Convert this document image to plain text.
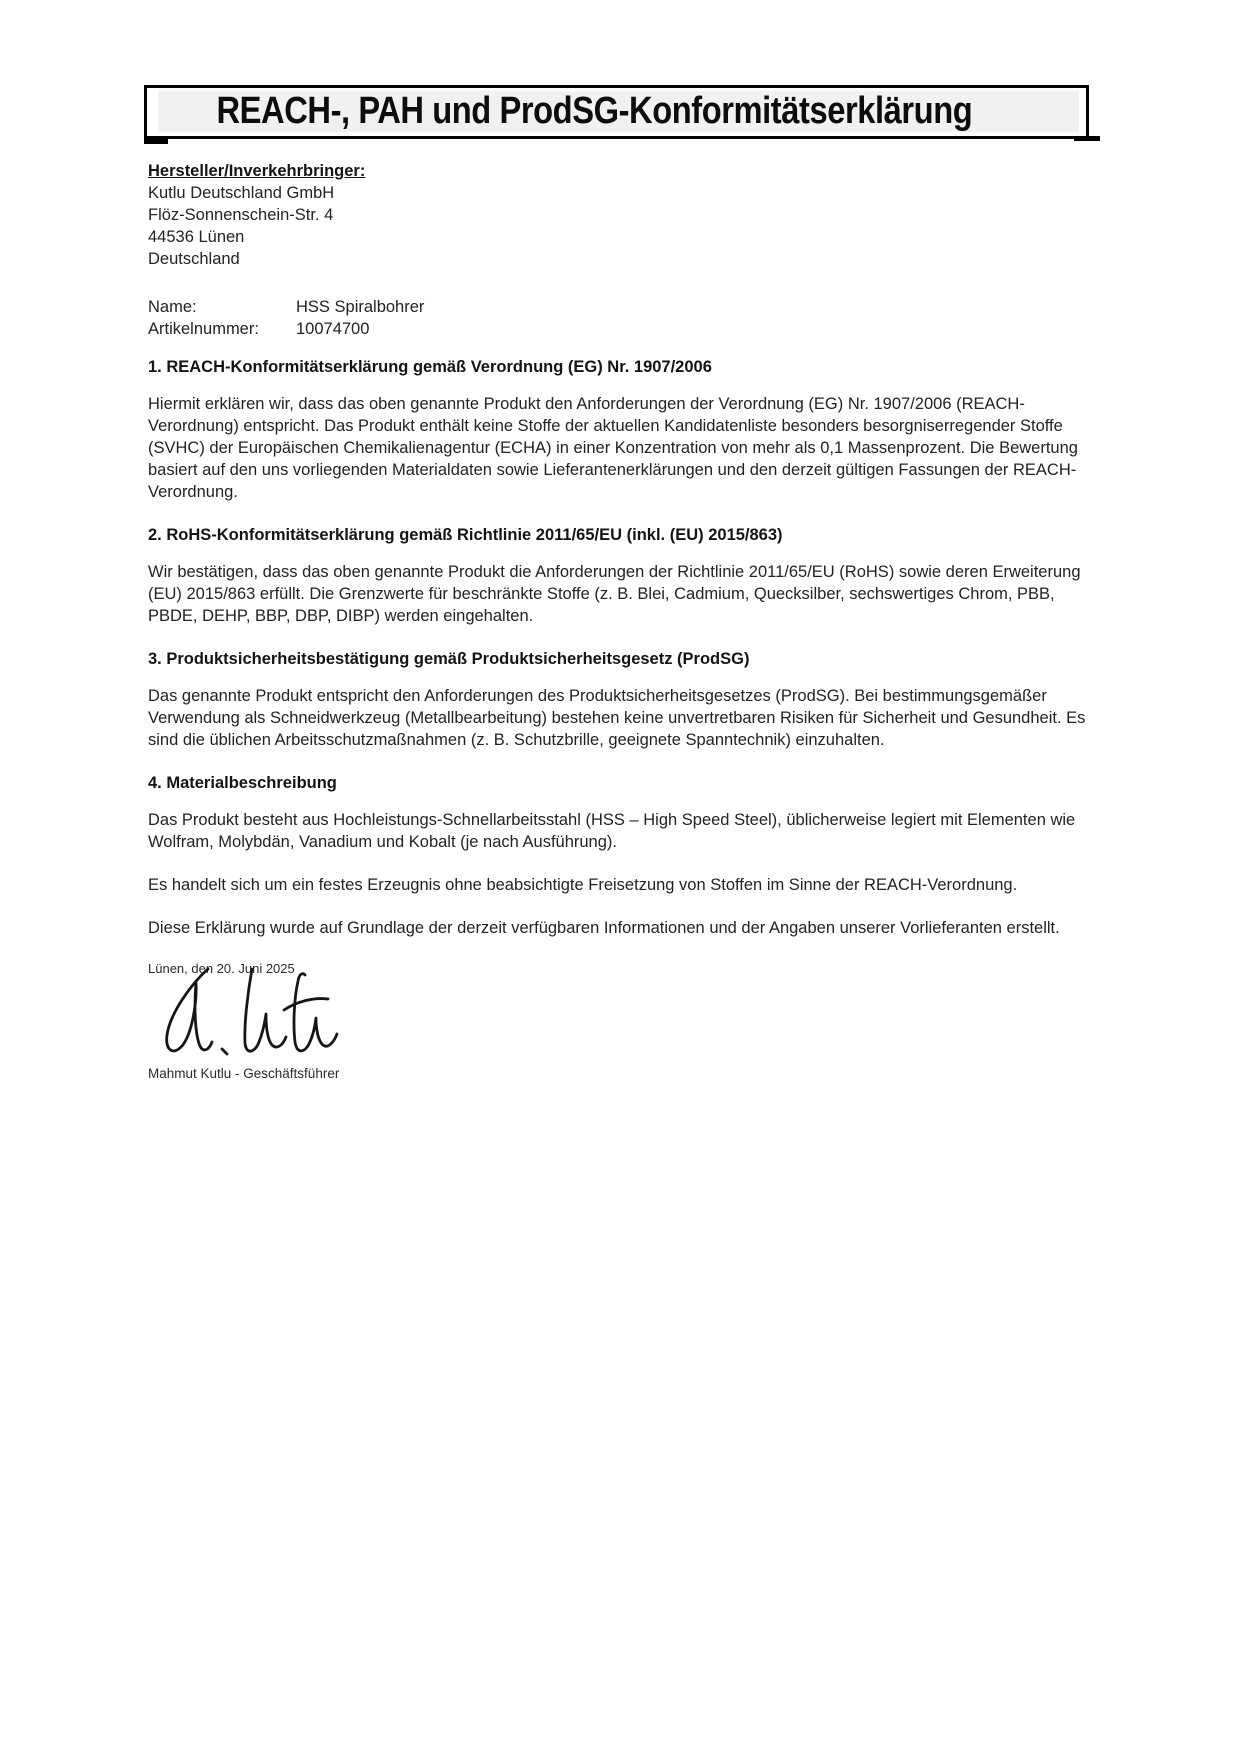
REACH-, PAH und ProdSG-Konformitätserklärung

Hersteller/Inverkehrbringer:

Kutlu Deutschland GmbH

Flöz-Sonnenschein-Str. 4

44536 Lünen

Deutschland

Name:	HSS Spiralbohrer
Artikelnummer:	10074700
1. REACH-Konformitätserklärung gemäß Verordnung (EG) Nr. 1907/2006

Hiermit erklären wir, dass das oben genannte Produkt den Anforderungen der Verordnung (EG) Nr. 1907/2006 (REACH-Verordnung) entspricht. Das Produkt enthält keine Stoffe der aktuellen Kandidatenliste besonders besorgniserregender Stoffe (SVHC) der Europäischen Chemikalienagentur (ECHA) in einer Konzentration von mehr als 0,1 Massenprozent. Die Bewertung basiert auf den uns vorliegenden Materialdaten sowie Lieferantenerklärungen und den derzeit gültigen Fassungen der REACH-Verordnung.

2. RoHS-Konformitätserklärung gemäß Richtlinie 2011/65/EU (inkl. (EU) 2015/863)

Wir bestätigen, dass das oben genannte Produkt die Anforderungen der Richtlinie 2011/65/EU (RoHS) sowie deren Erweiterung (EU) 2015/863 erfüllt. Die Grenzwerte für beschränkte Stoffe (z. B. Blei, Cadmium, Quecksilber, sechswertiges Chrom, PBB, PBDE, DEHP, BBP, DBP, DIBP) werden eingehalten.

3. Produktsicherheitsbestätigung gemäß Produktsicherheitsgesetz (ProdSG)

Das genannte Produkt entspricht den Anforderungen des Produktsicherheitsgesetzes (ProdSG). Bei bestimmungsgemäßer Verwendung als Schneidwerkzeug (Metallbearbeitung) bestehen keine unvertretbaren Risiken für Sicherheit und Gesundheit. Es sind die üblichen Arbeitsschutzmaßnahmen (z. B. Schutzbrille, geeignete Spanntechnik) einzuhalten.

4. Materialbeschreibung

Das Produkt besteht aus Hochleistungs-Schnellarbeitsstahl (HSS – High Speed Steel), üblicherweise legiert mit Elementen wie Wolfram, Molybdän, Vanadium und Kobalt (je nach Ausführung).

Es handelt sich um ein festes Erzeugnis ohne beabsichtigte Freisetzung von Stoffen im Sinne der REACH-Verordnung.

Diese Erklärung wurde auf Grundlage der derzeit verfügbaren Informationen und der Angaben unserer Vorlieferanten erstellt.

Lünen, den 20. Juni 2025

Mahmut Kutlu - Geschäftsführer
